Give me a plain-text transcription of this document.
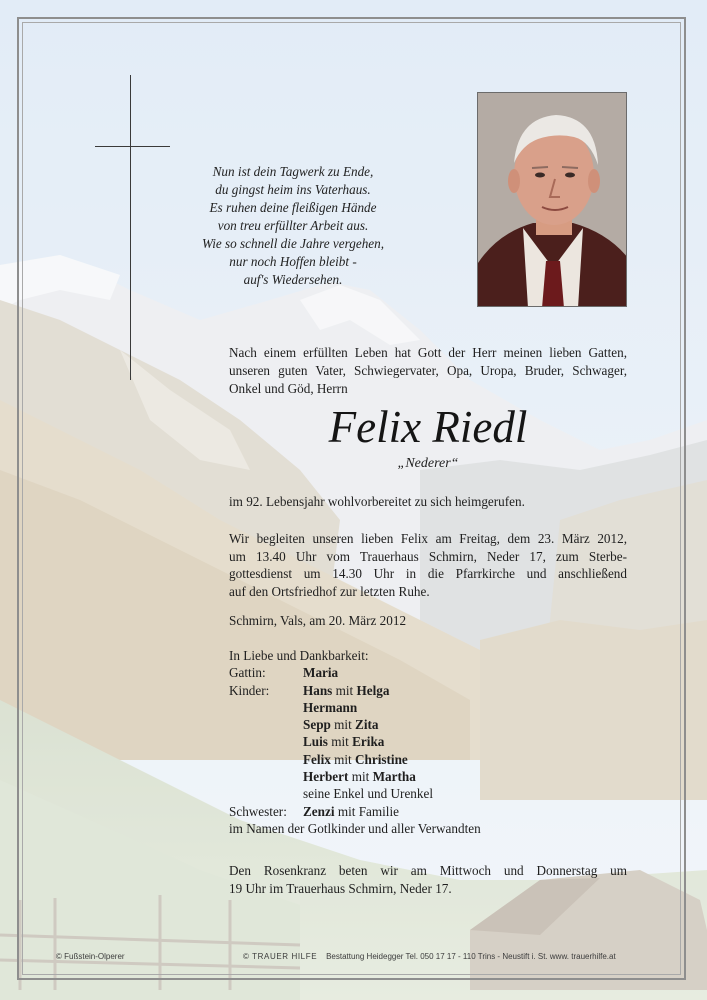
Nun ist dein Tagwerk zu Ende,
du gingst heim ins Vaterhaus.
Es ruhen deine fleißigen Hände
von treu erfüllter Arbeit aus.
Wie so schnell die Jahre vergehen,
nur noch Hoffen bleibt -
auf's Wiedersehen.
Nach einem erfüllten Leben hat Gott der Herr meinen lieben Gatten, unseren guten Vater, Schwiegervater, Opa, Uropa, Bruder, Schwager, Onkel und Göd, Herrn
Felix Riedl
„Nederer“
im 92. Lebensjahr wohlvorbereitet zu sich heimgerufen.
Wir begleiten unseren lieben Felix am Freitag, dem 23. März 2012,
um 13.40 Uhr vom Trauerhaus Schmirn, Neder 17, zum Sterbe-
gottesdienst um 14.30 Uhr in die Pfarrkirche und anschließend
auf den Ortsfriedhof zur letzten Ruhe.
Schmirn, Vals, am 20. März 2012
In Liebe und Dankbarkeit:
Gattin:	Maria
Kinder:	Hans mit Helga
Hermann
Sepp mit Zita
Luis mit Erika
Felix mit Christine
Herbert mit Martha
seine Enkel und Urenkel
Schwester:	Zenzi mit Familie
im Namen der Gotlkinder und aller Verwandten
Den Rosenkranz beten wir am Mittwoch und Donnerstag um
19 Uhr im Trauerhaus Schmirn, Neder 17.
© Fußstein-Olperer	© TRAUER HILFE Bestattung Heidegger Tel. 050 17 17 - 110 Trins - Neustift i. St. www. trauerhilfe.at
